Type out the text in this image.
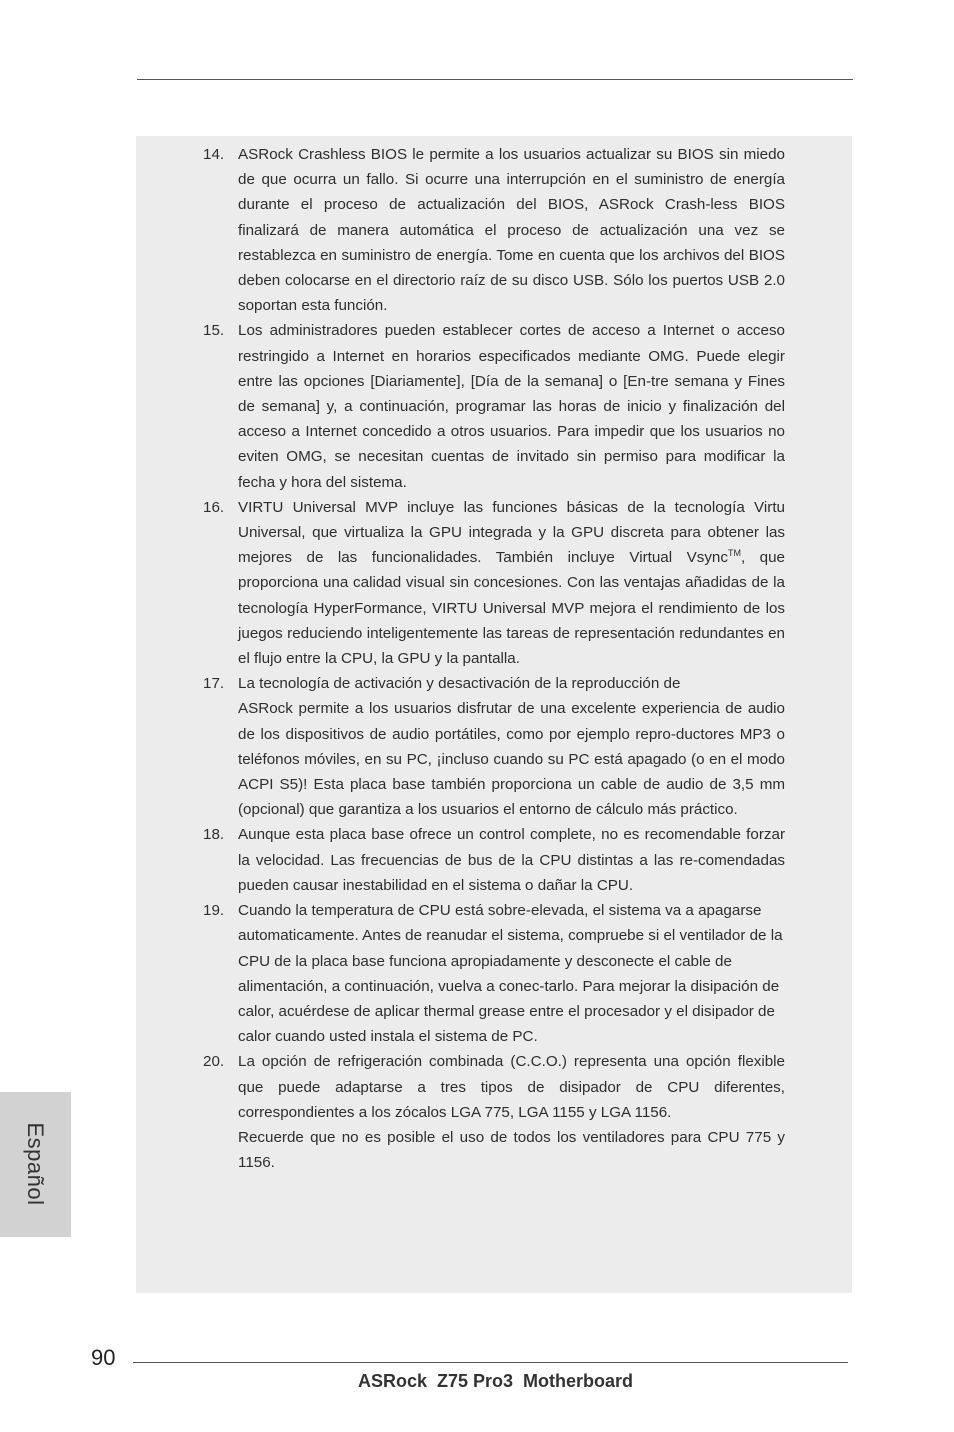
14. ASRock Crashless BIOS le permite a los usuarios actualizar su BIOS sin miedo de que ocurra un fallo. Si ocurre una interrupción en el suministro de energía durante el proceso de actualización del BIOS, ASRock Crash-less BIOS finalizará de manera automática el proceso de actualización una vez se restablezca en suministro de energía. Tome en cuenta que los archivos del BIOS deben colocarse en el directorio raíz de su disco USB. Sólo los puertos USB 2.0 soportan esta función.

15. Los administradores pueden establecer cortes de acceso a Internet o acceso restringido a Internet en horarios especificados mediante OMG. Puede elegir entre las opciones [Diariamente], [Día de la semana] o [En-tre semana y Fines de semana] y, a continuación, programar las horas de inicio y finalización del acceso a Internet concedido a otros usuarios. Para impedir que los usuarios no eviten OMG, se necesitan cuentas de invitado sin permiso para modificar la fecha y hora del sistema.

16. VIRTU Universal MVP incluye las funciones básicas de la tecnología Virtu Universal, que virtualiza la GPU integrada y la GPU discreta para obtener las mejores de las funcionalidades. También incluye Virtual Vsync™, que proporciona una calidad visual sin concesiones. Con las ventajas añadidas de la tecnología HyperFormance, VIRTU Universal MVP mejora el rendimiento de los juegos reduciendo inteligentemente las tareas de representación redundantes en el flujo entre la CPU, la GPU y la pantalla.

17. La tecnología de activación y desactivación de la reproducción de

ASRock permite a los usuarios disfrutar de una excelente experiencia de audio de los dispositivos de audio portátiles, como por ejemplo repro-ductores MP3 o teléfonos móviles, en su PC, ¡incluso cuando su PC está apagado (o en el modo ACPI S5)! Esta placa base también proporciona un cable de audio de 3,5 mm (opcional) que garantiza a los usuarios el entorno de cálculo más práctico.

18. Aunque esta placa base ofrece un control complete, no es recomendable forzar la velocidad. Las frecuencias de bus de la CPU distintas a las re-comendadas pueden causar inestabilidad en el sistema o dañar la CPU.

19. Cuando la temperatura de CPU está sobre-elevada, el sistema va a apagarse automaticamente. Antes de reanudar el sistema, compruebe si el ventilador de la CPU de la placa base funciona apropiadamente y desconecte el cable de alimentación, a continuación, vuelva a conec-tarlo. Para mejorar la disipación de calor, acuérdese de aplicar thermal grease entre el procesador y el disipador de calor cuando usted instala el sistema de PC.

20. La opción de refrigeración combinada (C.C.O.) representa una opción flexible que puede adaptarse a tres tipos de disipador de CPU diferentes, correspondientes a los zócalos LGA 775, LGA 1155 y LGA 1156.

Recuerde que no es posible el uso de todos los ventiladores para CPU 775 y 1156.

Español
90
ASRock  Z75 Pro3  Motherboard
